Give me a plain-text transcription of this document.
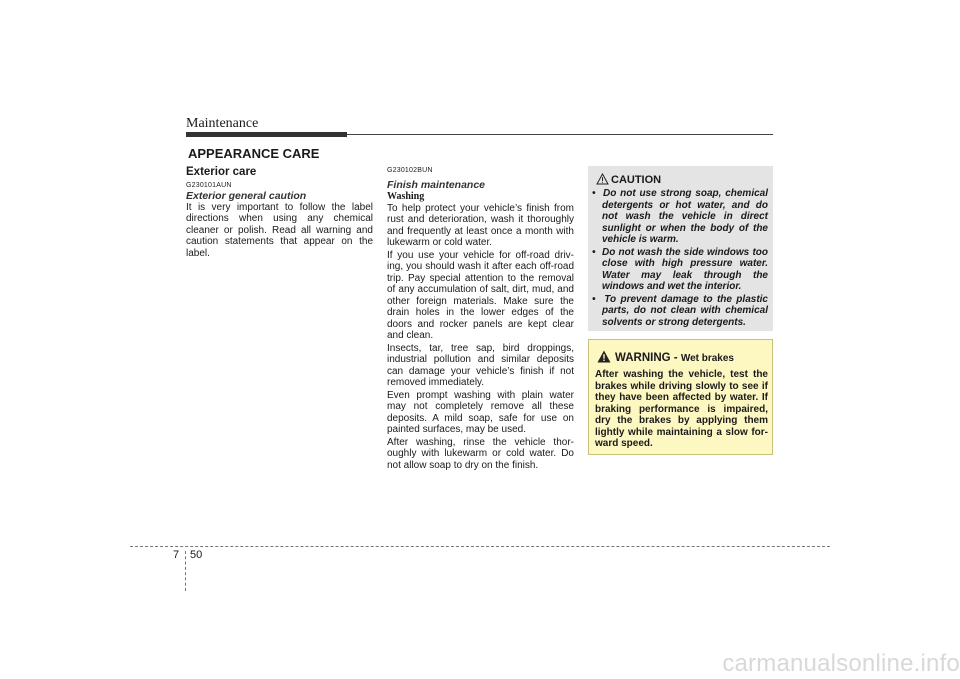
Maintenance
APPEARANCE CARE
Exterior care
G230101AUN
Exterior general caution

It is very important to follow the label directions when using any chemical cleaner or polish. Read all warning and caution statements that appear on the label.

G230102BUN
Finish maintenance
Washing

To help protect your vehicle’s finish from rust and deterioration, wash it thoroughly and frequently at least once a month with lukewarm or cold water.

If you use your vehicle for off-road driv-ing, you should wash it after each off-road trip. Pay special attention to the removal of any accumulation of salt, dirt, mud, and other foreign materials. Make sure the drain holes in the lower edges of the doors and rocker panels are kept clear and clean.

Insects, tar, tree sap, bird droppings, industrial pollution and similar deposits can damage your vehicle’s finish if not removed immediately.

Even prompt washing with plain water may not completely remove all these deposits. A mild soap, safe for use on painted surfaces, may be used.

After washing, rinse the vehicle thor-oughly with lukewarm or cold water. Do not allow soap to dry on the finish.

CAUTION
•  Do not use strong soap, chemical detergents or hot water, and do not wash the vehicle in direct sunlight or when the body of the vehicle is warm.
•  Do not wash the side windows too close with high pressure water. Water may leak through the windows and wet the interior.
•  To prevent damage to the plastic parts, do not clean with chemical solvents or strong detergents.
WARNING - Wet brakes
After washing the vehicle, test the brakes while driving slowly to see if they have been affected by water. If braking performance is impaired, dry the brakes by applying them lightly while maintaining a slow for-ward speed.
7 50
carmanualsonline.info
